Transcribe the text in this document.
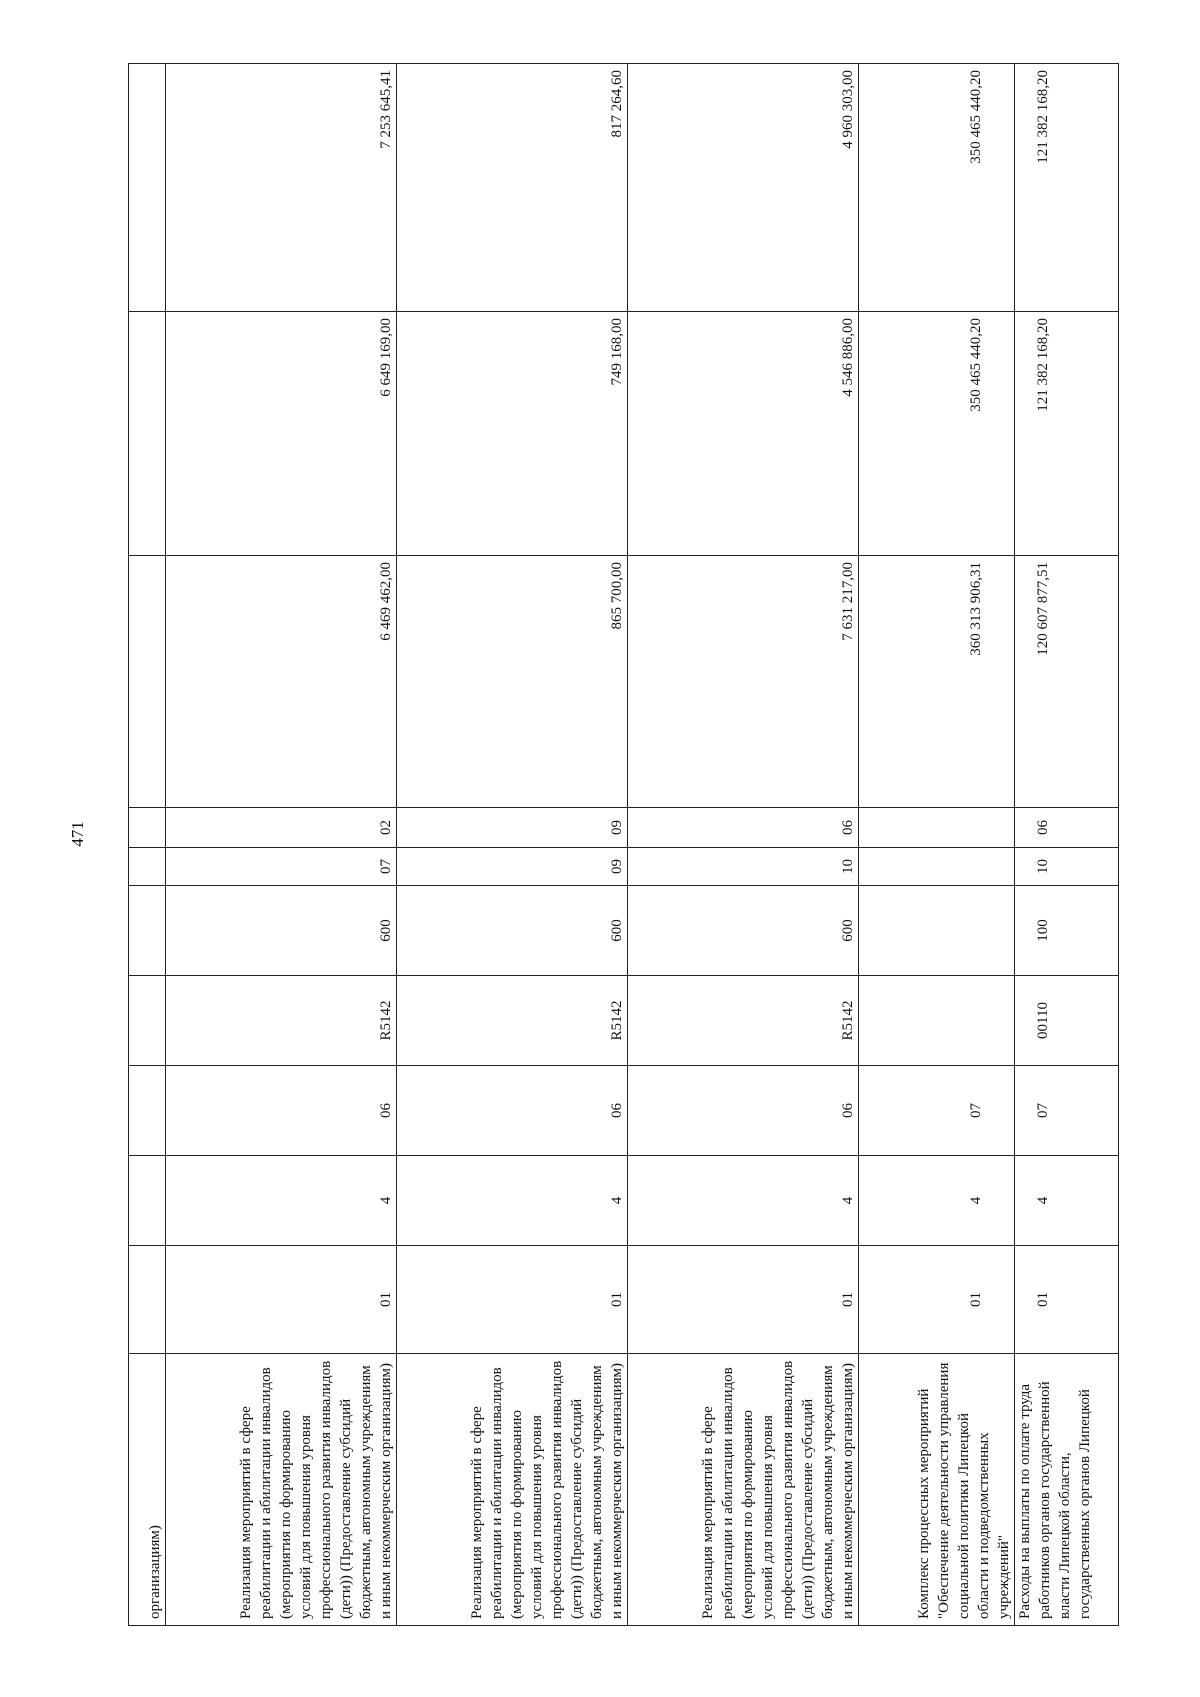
471
организациям)										
Реализация мероприятий в сфере реабилитации и абилитации инвалидов (мероприятия по формированию условий для повышения уровня профессионального развития инвалидов (дети)) (Предоставление субсидий бюджетным, автономным учреждениям и иным некоммерческим организациям)	01	4	06	R5142	600	07	02	6 469 462,00	6 649 169,00	7 253 645,41
Реализация мероприятий в сфере реабилитации и абилитации инвалидов (мероприятия по формированию условий для повышения уровня профессионального развития инвалидов (дети)) (Предоставление субсидий бюджетным, автономным учреждениям и иным некоммерческим организациям)	01	4	06	R5142	600	09	09	865 700,00	749 168,00	817 264,60
Реализация мероприятий в сфере реабилитации и абилитации инвалидов (мероприятия по формированию условий для повышения уровня профессионального развития инвалидов (дети)) (Предоставление субсидий бюджетным, автономным учреждениям и иным некоммерческим организациям)	01	4	06	R5142	600	10	06	7 631 217,00	4 546 886,00	4 960 303,00
Комплекс процессных мероприятий "Обеспечение деятельности управления социальной политики Липецкой области и подведомственных учреждений"	01	4	07					360 313 906,31	350 465 440,20	350 465 440,20
Расходы на выплаты по оплате труда работников органов государственной власти Липецкой области, государственных органов Липецкой	01	4	07	00110	100	10	06	120 607 877,51	121 382 168,20	121 382 168,20
